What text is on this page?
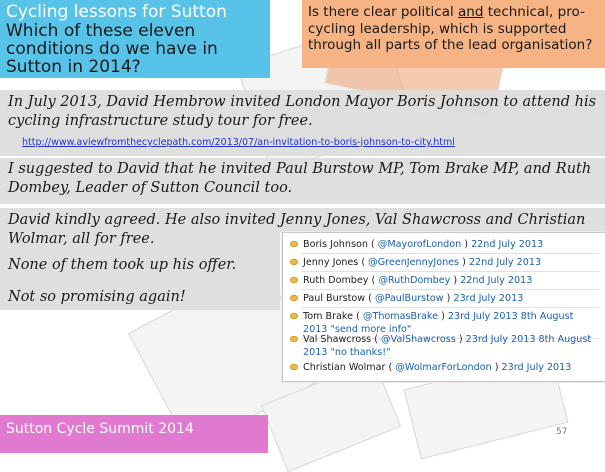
Cycling lessons for Sutton
Which of these eleven conditions do we have in Sutton in 2014?
Is there clear political and technical, pro-cycling leadership, which is supported through all parts of the lead organisation?
In July 2013, David Hembrow invited London Mayor Boris Johnson to attend his cycling infrastructure study tour for free.
http://www.aviewfromthecyclepath.com/2013/07/an-invitation-to-boris-johnson-to-city.html
I suggested to David that he invited Paul Burstow MP, Tom Brake MP, and Ruth Dombey, Leader of Sutton Council too.
David kindly agreed. He also invited Jenny Jones, Val Shawcross and Christian Wolmar, all for free.
None of them took up his offer.
Not so promising again!
Boris Johnson ( @MayorofLondon ) 22nd July 2013
Jenny Jones ( @GreenJennyJones ) 22nd July 2013
Ruth Dombey ( @RuthDombey ) 22nd July 2013
Paul Burstow ( @PaulBurstow ) 23rd July 2013
Tom Brake ( @ThomasBrake ) 23rd July 2013 8th August 2013 "send more info"
Val Shawcross ( @ValShawcross ) 23rd July 2013 8th August 2013 "no thanks!"
Christian Wolmar ( @WolmarForLondon ) 23rd July 2013
Sutton Cycle Summit 2014	57
